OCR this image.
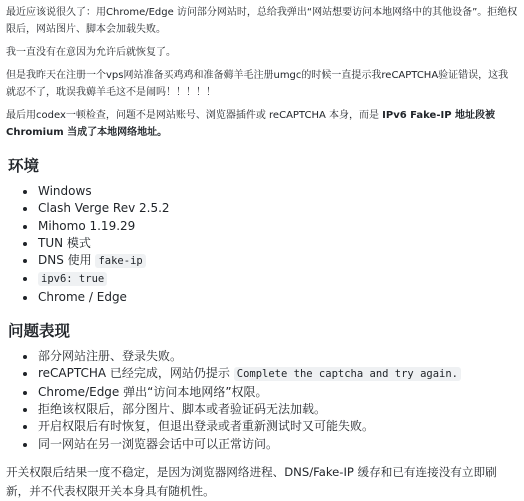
最近应该说很久了：用Chrome/Edge 访问部分网站时，总给我弹出“网站想要访问本地网络中的其他设备”。拒绝权限后，网站图片、脚本会加载失败。

我一直没有在意因为允许后就恢复了。

但是我昨天在注册一个vps网站准备买鸡鸡和准备薅羊毛注册umgc的时候一直提示我reCAPTCHA验证错误，这我就忍不了，耽误我薅羊毛这不是闹吗！！！！！

最后用codex一顿检查，问题不是网站账号、浏览器插件或 reCAPTCHA 本身，而是 IPv6 Fake-IP 地址段被 Chromium 当成了本地网络地址。

环境
Windows
Clash Verge Rev 2.5.2
Mihomo 1.19.29
TUN 模式
DNS 使用 fake-ip
ipv6: true
Chrome / Edge
问题表现
部分网站注册、登录失败。
reCAPTCHA 已经完成，网站仍提示 Complete the captcha and try again.
Chrome/Edge 弹出“访问本地网络”权限。
拒绝该权限后，部分图片、脚本或者验证码无法加载。
开启权限后有时恢复，但退出登录或者重新测试时又可能失败。
同一网站在另一浏览器会话中可以正常访问。

开关权限后结果一度不稳定，是因为浏览器网络进程、DNS/Fake-IP 缓存和已有连接没有立即刷新，并不代表权限开关本身具有随机性。
